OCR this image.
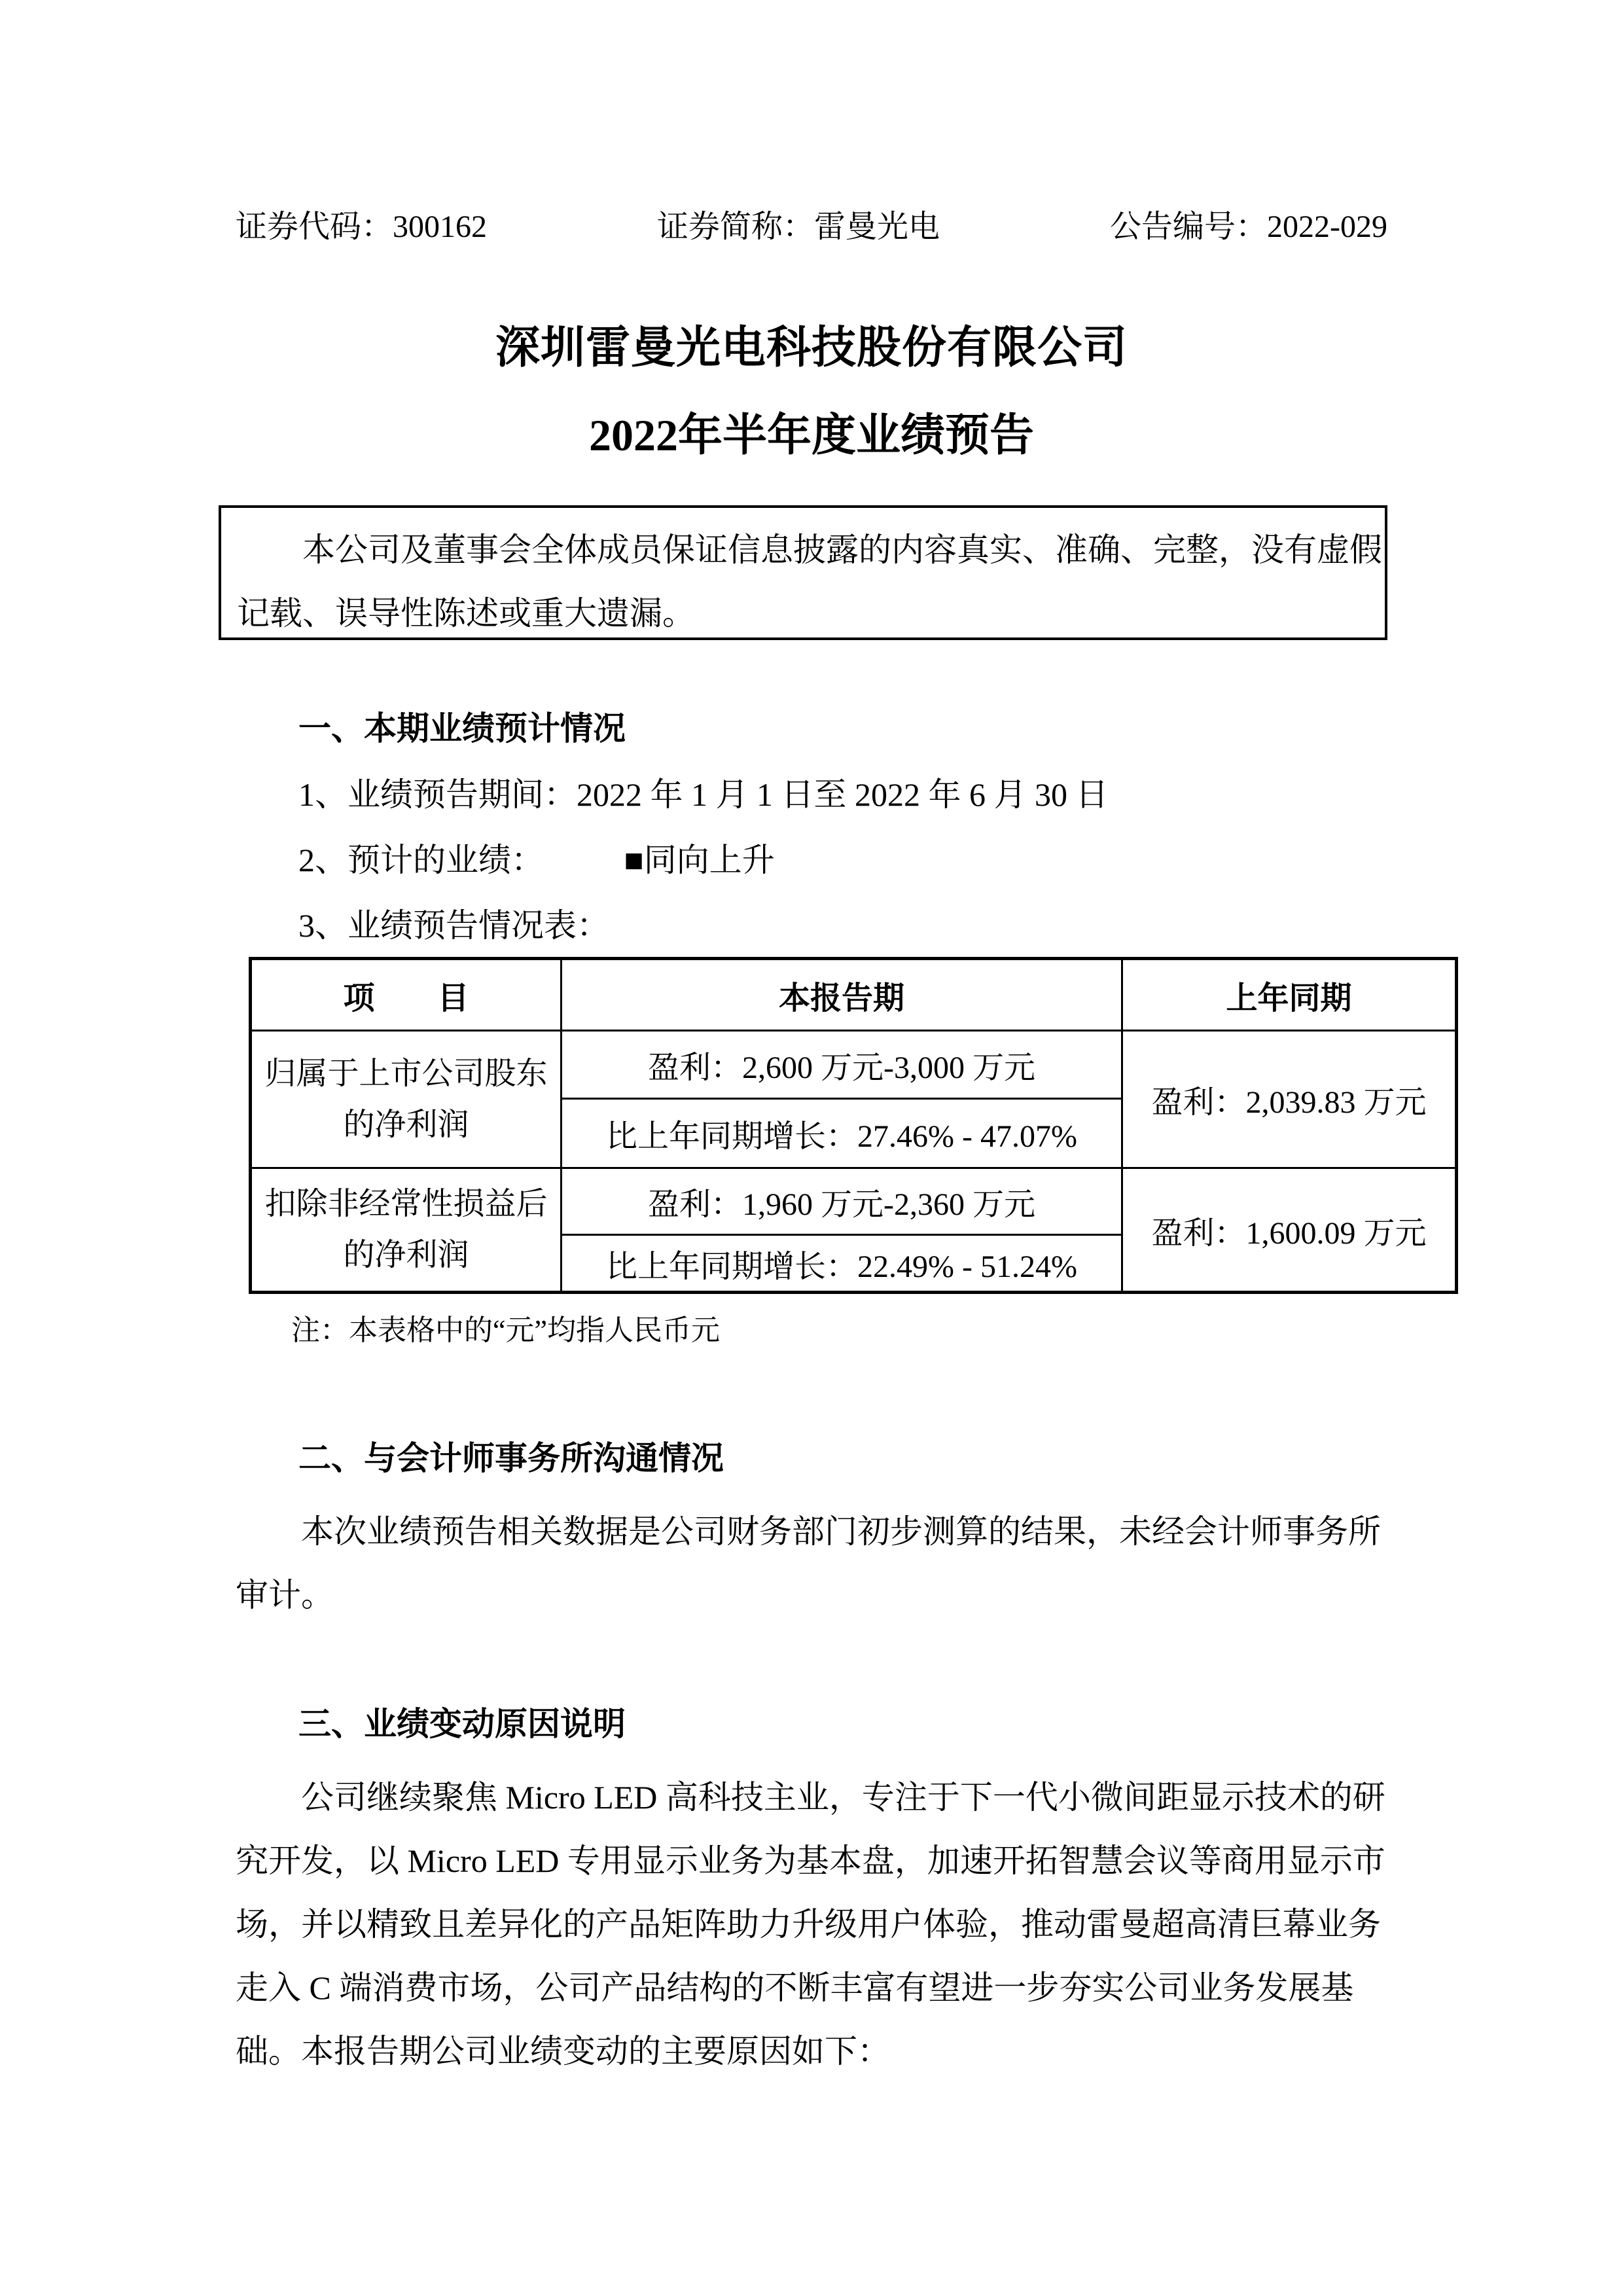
证券代码：300162	证券简称：雷曼光电	公告编号：2022-029
深圳雷曼光电科技股份有限公司
2022年半年度业绩预告
本公司及董事会全体成员保证信息披露的内容真实、准确、完整，没有虚假
记载、误导性陈述或重大遗漏。
一、本期业绩预计情况
1、业绩预告期间：2022 年 1 月 1 日至 2022 年 6 月 30 日
2、预计的业绩： ■同向上升
3、业绩预告情况表：
项　　目	本报告期	上年同期
归属于上市公司股东的净利润	盈利：2,600 万元-3,000 万元	盈利：2,039.83 万元
	比上年同期增长：27.46% - 47.07%	
扣除非经常性损益后的净利润	盈利：1,960 万元-2,360 万元	盈利：1,600.09 万元
	比上年同期增长：22.49% - 51.24%	
注：本表格中的“元”均指人民币元
二、与会计师事务所沟通情况
本次业绩预告相关数据是公司财务部门初步测算的结果，未经会计师事务所
审计。
三、业绩变动原因说明
公司继续聚焦 Micro LED 高科技主业，专注于下一代小微间距显示技术的研
究开发，以 Micro LED 专用显示业务为基本盘，加速开拓智慧会议等商用显示市
场，并以精致且差异化的产品矩阵助力升级用户体验，推动雷曼超高清巨幕业务
走入 C 端消费市场，公司产品结构的不断丰富有望进一步夯实公司业务发展基
础。本报告期公司业绩变动的主要原因如下：
